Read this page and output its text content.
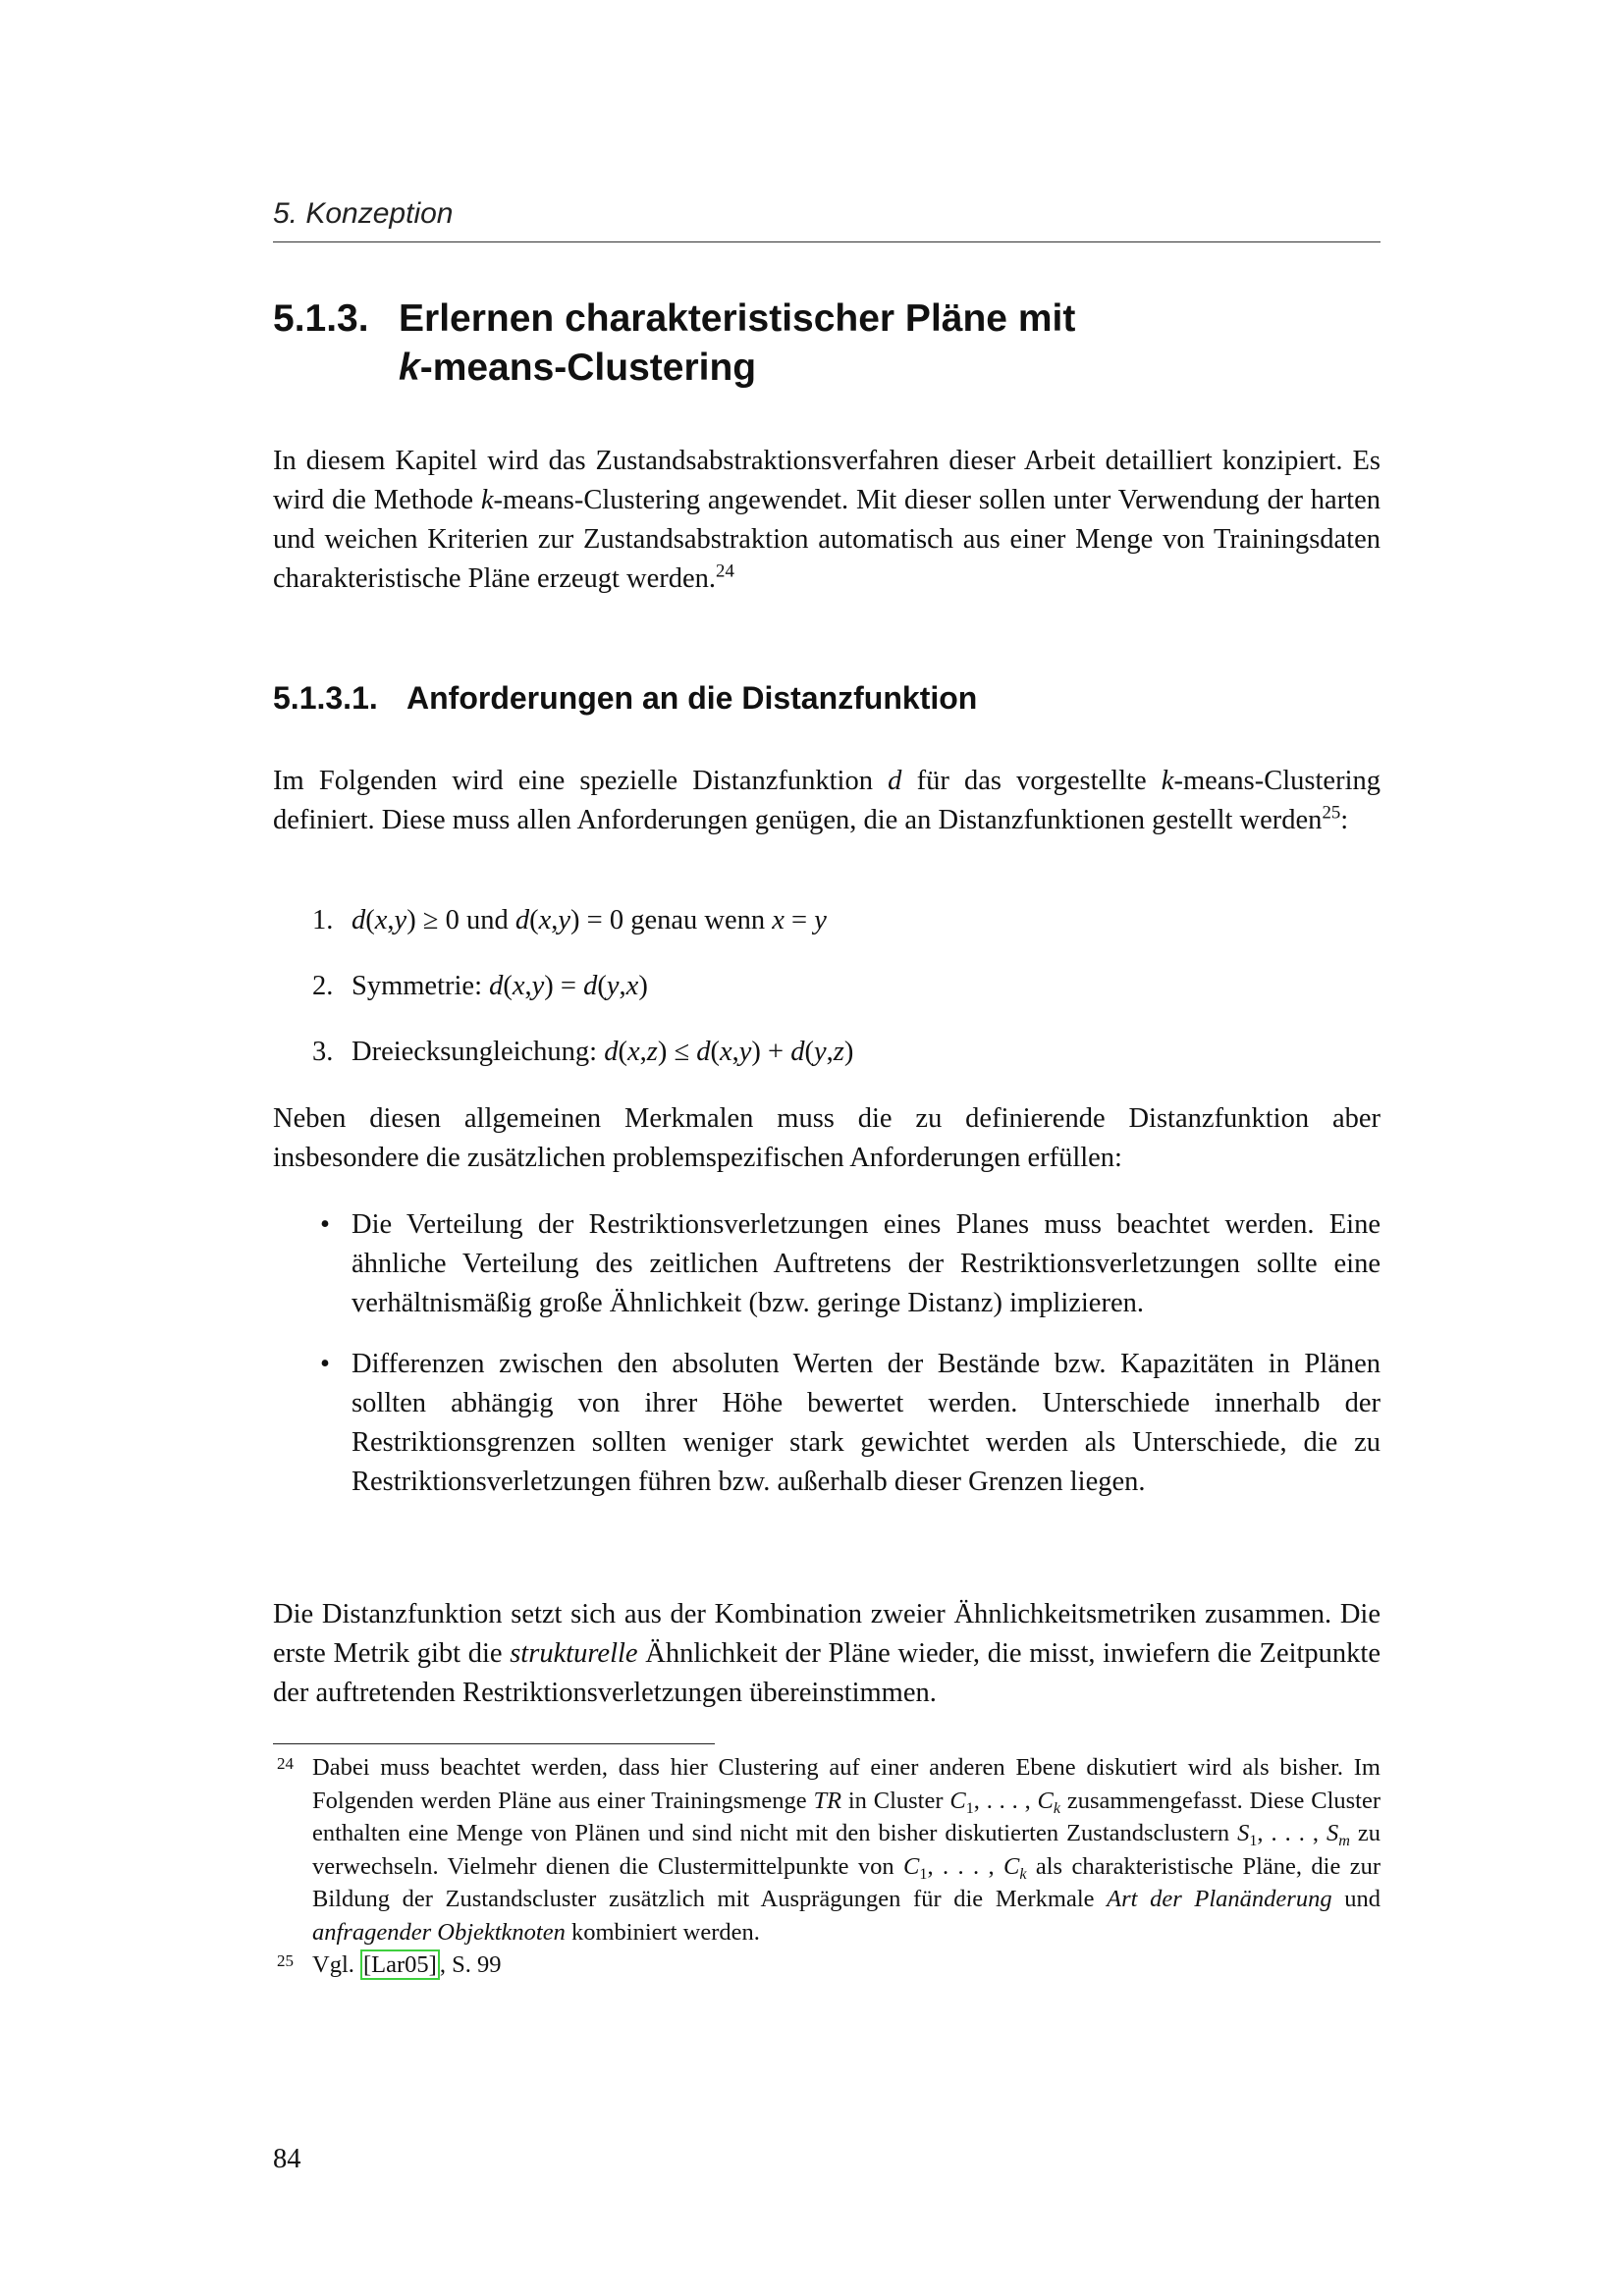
5. Konzeption
5.1.3. Erlernen charakteristischer Pläne mit
k-means-Clustering

In diesem Kapitel wird das Zustandsabstraktionsverfahren dieser Arbeit detailliert konzipiert. Es wird die Methode k-means-Clustering angewendet. Mit dieser sollen unter Verwendung der harten und weichen Kriterien zur Zustandsabstraktion automatisch aus einer Menge von Trainingsdaten charakteristische Pläne erzeugt werden.$^{24}$

5.1.3.1. Anforderungen an die Distanzfunktion

Im Folgenden wird eine spezielle Distanzfunktion d für das vorgestellte k-means-Clustering definiert. Diese muss allen Anforderungen genügen, die an Distanzfunktionen gestellt werden$^{25}$:

1. d(x,y) ≥ 0 und d(x,y) = 0 genau wenn x = y
2. Symmetrie: d(x,y) = d(y,x)
3. Dreiecksungleichung: d(x,z) ≤ d(x,y) + d(y,z)

Neben diesen allgemeinen Merkmalen muss die zu definierende Distanzfunktion aber insbesondere die zusätzlichen problemspezifischen Anforderungen erfüllen:

• Die Verteilung der Restriktionsverletzungen eines Planes muss beachtet werden. Eine ähnliche Verteilung des zeitlichen Auftretens der Restriktionsverletzungen sollte eine verhältnismäßig große Ähnlichkeit (bzw. geringe Distanz) implizieren.
• Differenzen zwischen den absoluten Werten der Bestände bzw. Kapazitäten in Plänen sollten abhängig von ihrer Höhe bewertet werden. Unterschiede innerhalb der Restriktionsgrenzen sollten weniger stark gewichtet werden als Unterschiede, die zu Restriktionsverletzungen führen bzw. außerhalb dieser Grenzen liegen.

Die Distanzfunktion setzt sich aus der Kombination zweier Ähnlichkeitsmetriken zusammen. Die erste Metrik gibt die strukturelle Ähnlichkeit der Pläne wieder, die misst, inwiefern die Zeitpunkte der auftretenden Restriktionsverletzungen übereinstimmen.

24 Dabei muss beachtet werden, dass hier Clustering auf einer anderen Ebene diskutiert wird als bisher. Im Folgenden werden Pläne aus einer Trainingsmenge TR in Cluster $C_1$, . . . , $C_k$ zusammengefasst. Diese Cluster enthalten eine Menge von Plänen und sind nicht mit den bisher diskutierten Zustandsclustern $S_1$, . . . , $S_m$ zu verwechseln. Vielmehr dienen die Clustermittelpunkte von $C_1$, . . . , $C_k$ als charakteristische Pläne, die zur Bildung der Zustandscluster zusätzlich mit Ausprägungen für die Merkmale Art der Planänderung und anfragender Objektknoten kombiniert werden.
25 Vgl. [Lar05] , S. 99
84
